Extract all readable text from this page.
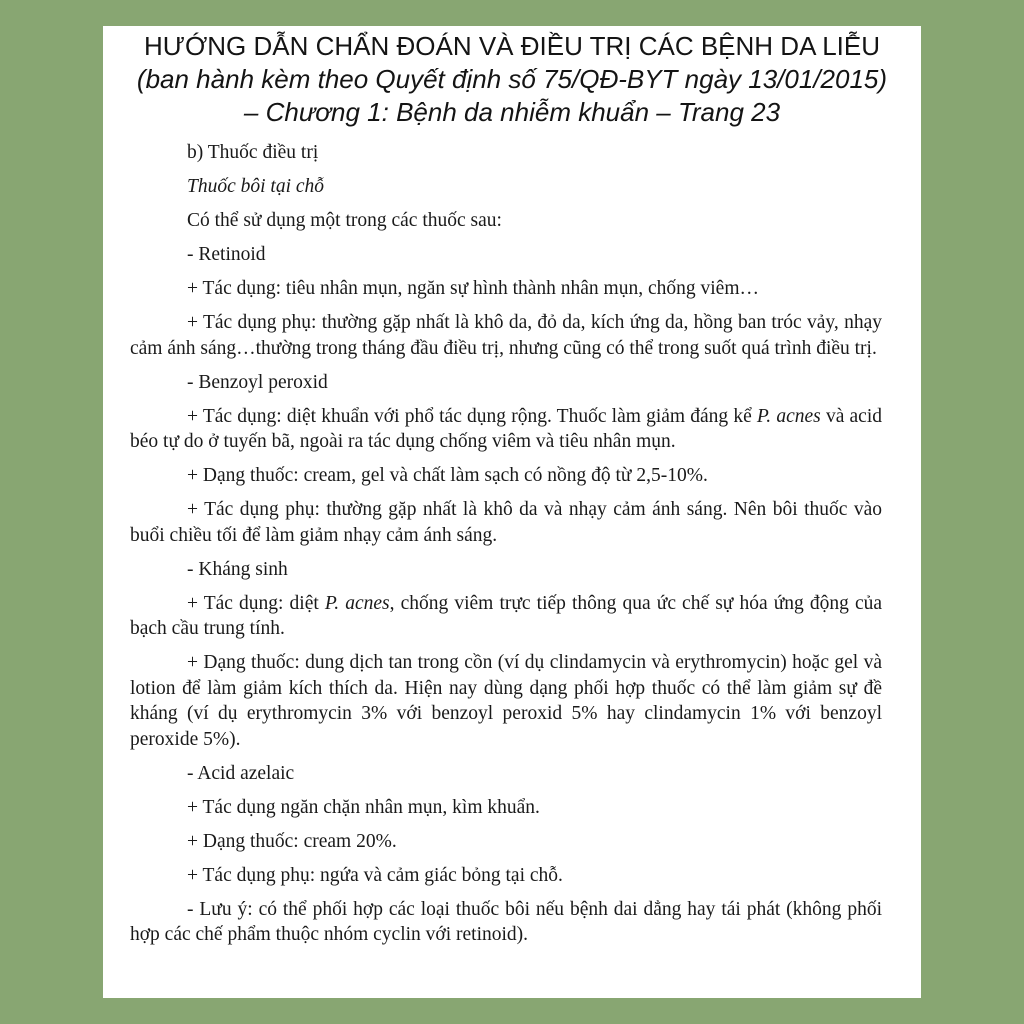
HƯỚNG DẪN CHẨN ĐOÁN VÀ ĐIỀU TRỊ CÁC BỆNH DA LIỄU
(ban hành kèm theo Quyết định số 75/QĐ-BYT ngày 13/01/2015)
– Chương 1: Bệnh da nhiễm khuẩn – Trang 23

b) Thuốc điều trị

Thuốc bôi tại chỗ

Có thể sử dụng một trong các thuốc sau:

- Retinoid

+ Tác dụng: tiêu nhân mụn, ngăn sự hình thành nhân mụn, chống viêm…

+ Tác dụng phụ: thường gặp nhất là khô da, đỏ da, kích ứng da, hồng ban tróc vảy, nhạy cảm ánh sáng…thường trong tháng đầu điều trị, nhưng cũng có thể trong suốt quá trình điều trị.

- Benzoyl peroxid

+ Tác dụng: diệt khuẩn với phổ tác dụng rộng. Thuốc làm giảm đáng kể P. acnes và acid béo tự do ở tuyến bã, ngoài ra tác dụng chống viêm và tiêu nhân mụn.

+ Dạng thuốc: cream, gel và chất làm sạch có nồng độ từ 2,5-10%.

+ Tác dụng phụ: thường gặp nhất là khô da và nhạy cảm ánh sáng. Nên bôi thuốc vào buổi chiều tối để làm giảm nhạy cảm ánh sáng.

- Kháng sinh

+ Tác dụng: diệt P. acnes, chống viêm trực tiếp thông qua ức chế sự hóa ứng động của bạch cầu trung tính.

+ Dạng thuốc: dung dịch tan trong cồn (ví dụ clindamycin và erythromycin) hoặc gel và lotion để làm giảm kích thích da. Hiện nay dùng dạng phối hợp thuốc có thể làm giảm sự đề kháng (ví dụ erythromycin 3% với benzoyl peroxid 5% hay clindamycin 1% với benzoyl peroxide 5%).

- Acid azelaic

+ Tác dụng ngăn chặn nhân mụn, kìm khuẩn.

+ Dạng thuốc: cream 20%.

+ Tác dụng phụ: ngứa và cảm giác bỏng tại chỗ.

- Lưu ý: có thể phối hợp các loại thuốc bôi nếu bệnh dai dẳng hay tái phát (không phối hợp các chế phẩm thuộc nhóm cyclin với retinoid).
